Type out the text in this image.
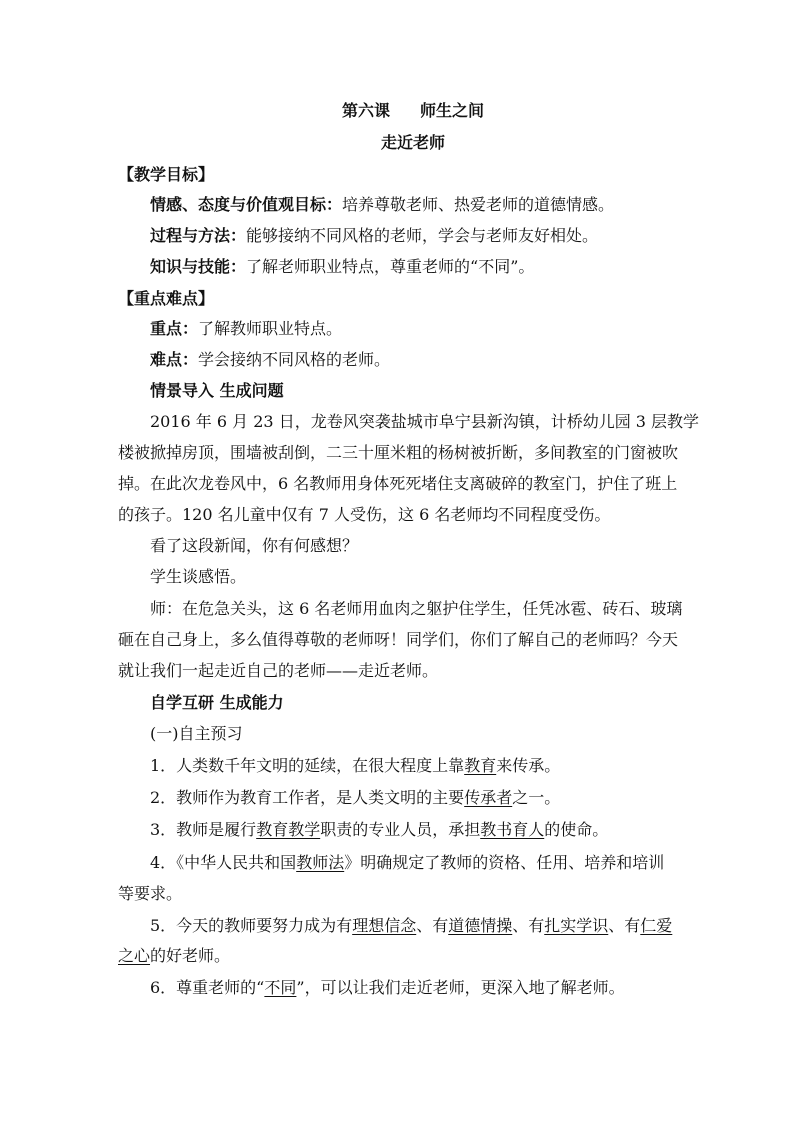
第六课 师生之间
走近老师
【教学目标】
情感、态度与价值观目标：培养尊敬老师、热爱老师的道德情感。
过程与方法：能够接纳不同风格的老师，学会与老师友好相处。
知识与技能：了解老师职业特点，尊重老师的“不同”。
【重点难点】
重点：了解教师职业特点。
难点：学会接纳不同风格的老师。
情景导入 生成问题
2016 年 6 月 23 日，龙卷风突袭盐城市阜宁县新沟镇，计桥幼儿园 3 层教学
楼被掀掉房顶，围墙被刮倒，二三十厘米粗的杨树被折断，多间教室的门窗被吹
掉。在此次龙卷风中，6 名教师用身体死死堵住支离破碎的教室门，护住了班上
的孩子。120 名儿童中仅有 7 人受伤，这 6 名老师均不同程度受伤。
看了这段新闻，你有何感想？
学生谈感悟。
师：在危急关头，这 6 名老师用血肉之躯护住学生，任凭冰雹、砖石、玻璃
砸在自己身上，多么值得尊敬的老师呀！同学们，你们了解自己的老师吗？今天
就让我们一起走近自己的老师——走近老师。
自学互研 生成能力
(一)自主预习
1．人类数千年文明的延续，在很大程度上靠教育来传承。
2．教师作为教育工作者，是人类文明的主要传承者之一。
3．教师是履行教育教学职责的专业人员，承担教书育人的使命。
4．《中华人民共和国教师法》明确规定了教师的资格、任用、培养和培训
等要求。
5．今天的教师要努力成为有理想信念、有道德情操、有扎实学识、有仁爱
之心的好老师。
6．尊重老师的“不同”，可以让我们走近老师，更深入地了解老师。
